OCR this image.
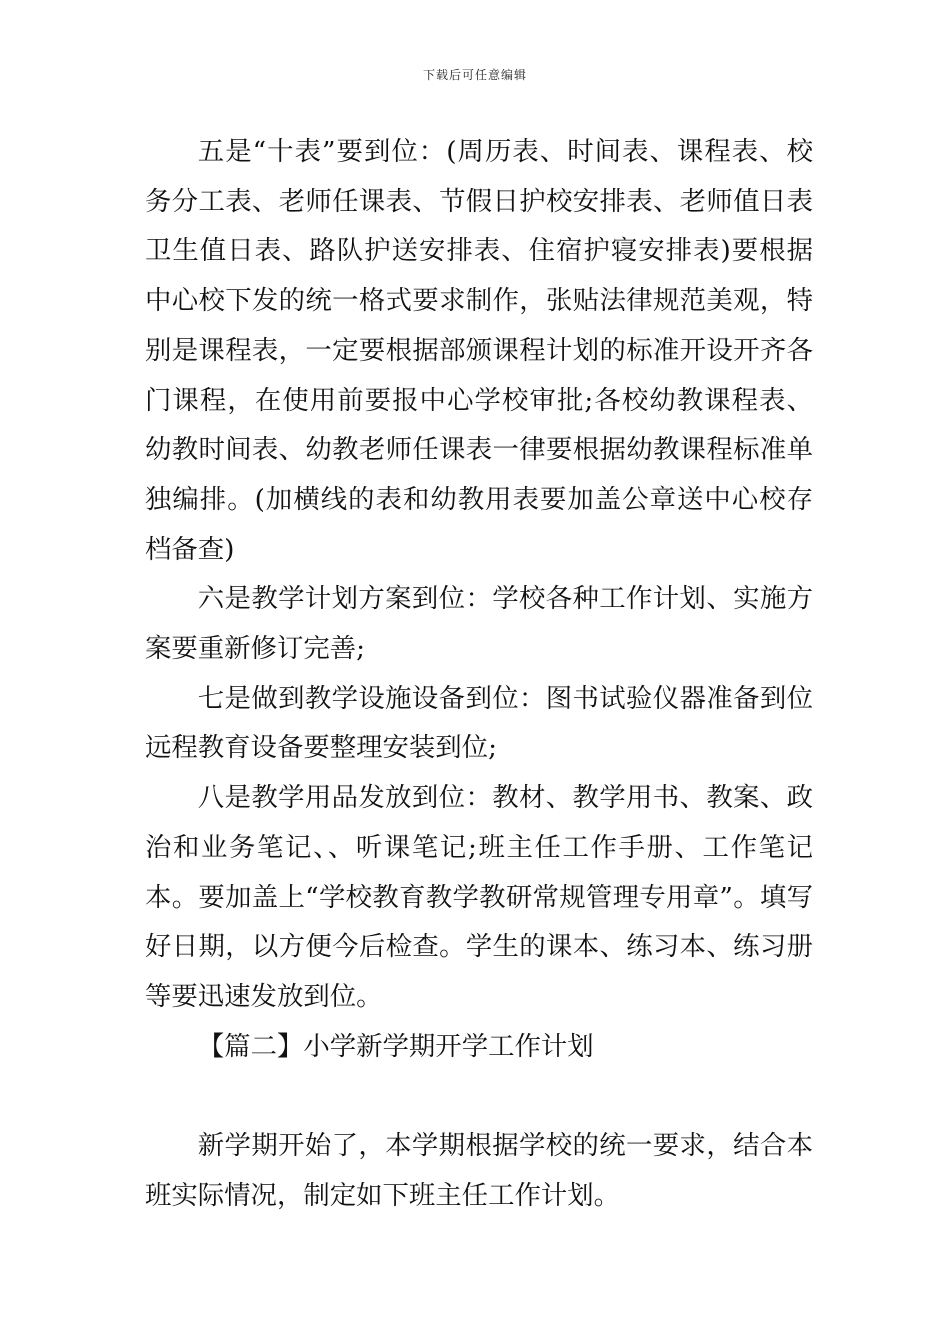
下载后可任意编辑

五是“十表”要到位：(周历表、时间表、课程表、校务分工表、老师任课表、节假日护校安排表、老师值日表卫生值日表、路队护送安排表、住宿护寝安排表)要根据中心校下发的统一格式要求制作，张贴法律规范美观，特别是课程表，一定要根据部颁课程计划的标准开设开齐各门课程，在使用前要报中心学校审批;各校幼教课程表、幼教时间表、幼教老师任课表一律要根据幼教课程标准单独编排。(加横线的表和幼教用表要加盖公章送中心校存档备查)

六是教学计划方案到位：学校各种工作计划、实施方案要重新修订完善;

七是做到教学设施设备到位：图书试验仪器准备到位远程教育设备要整理安装到位;

八是教学用品发放到位：教材、教学用书、教案、政治和业务笔记、、听课笔记;班主任工作手册、工作笔记本。要加盖上“学校教育教学教研常规管理专用章”。填写好日期，以方便今后检查。学生的课本、练习本、练习册等要迅速发放到位。

【篇二】小学新学期开学工作计划

新学期开始了，本学期根据学校的统一要求，结合本班实际情况，制定如下班主任工作计划。
